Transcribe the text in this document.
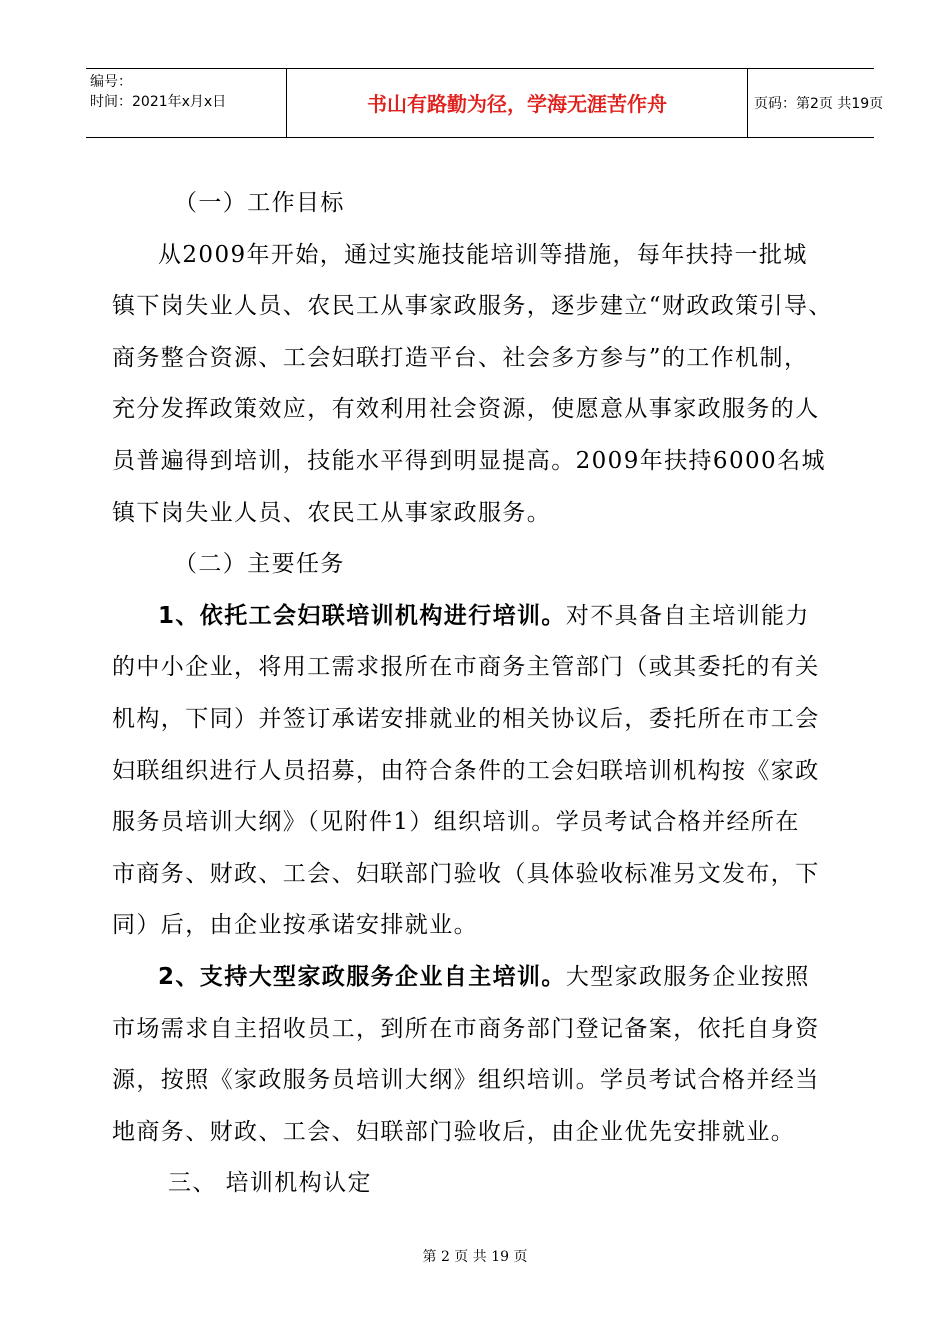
编号：
时间：2021年x月x日	书山有路勤为径，学海无涯苦作舟	页码：第2页 共19页
（一）工作目标
从2009年开始，通过实施技能培训等措施，每年扶持一批城
镇下岗失业人员、农民工从事家政服务，逐步建立“财政政策引导、
商务整合资源、工会妇联打造平台、社会多方参与”的工作机制，
充分发挥政策效应，有效利用社会资源，使愿意从事家政服务的人
员普遍得到培训，技能水平得到明显提高。2009年扶持6000名城
镇下岗失业人员、农民工从事家政服务。
（二）主要任务
1、依托工会妇联培训机构进行培训。对不具备自主培训能力
的中小企业，将用工需求报所在市商务主管部门（或其委托的有关
机构，下同）并签订承诺安排就业的相关协议后，委托所在市工会
妇联组织进行人员招募，由符合条件的工会妇联培训机构按《家政
服务员培训大纲》（见附件1）组织培训。学员考试合格并经所在
市商务、财政、工会、妇联部门验收（具体验收标准另文发布，下
同）后，由企业按承诺安排就业。
2、支持大型家政服务企业自主培训。大型家政服务企业按照
市场需求自主招收员工，到所在市商务部门登记备案，依托自身资
源，按照《家政服务员培训大纲》组织培训。学员考试合格并经当
地商务、财政、工会、妇联部门验收后，由企业优先安排就业。
三、 培训机构认定
第 2 页 共 19 页
